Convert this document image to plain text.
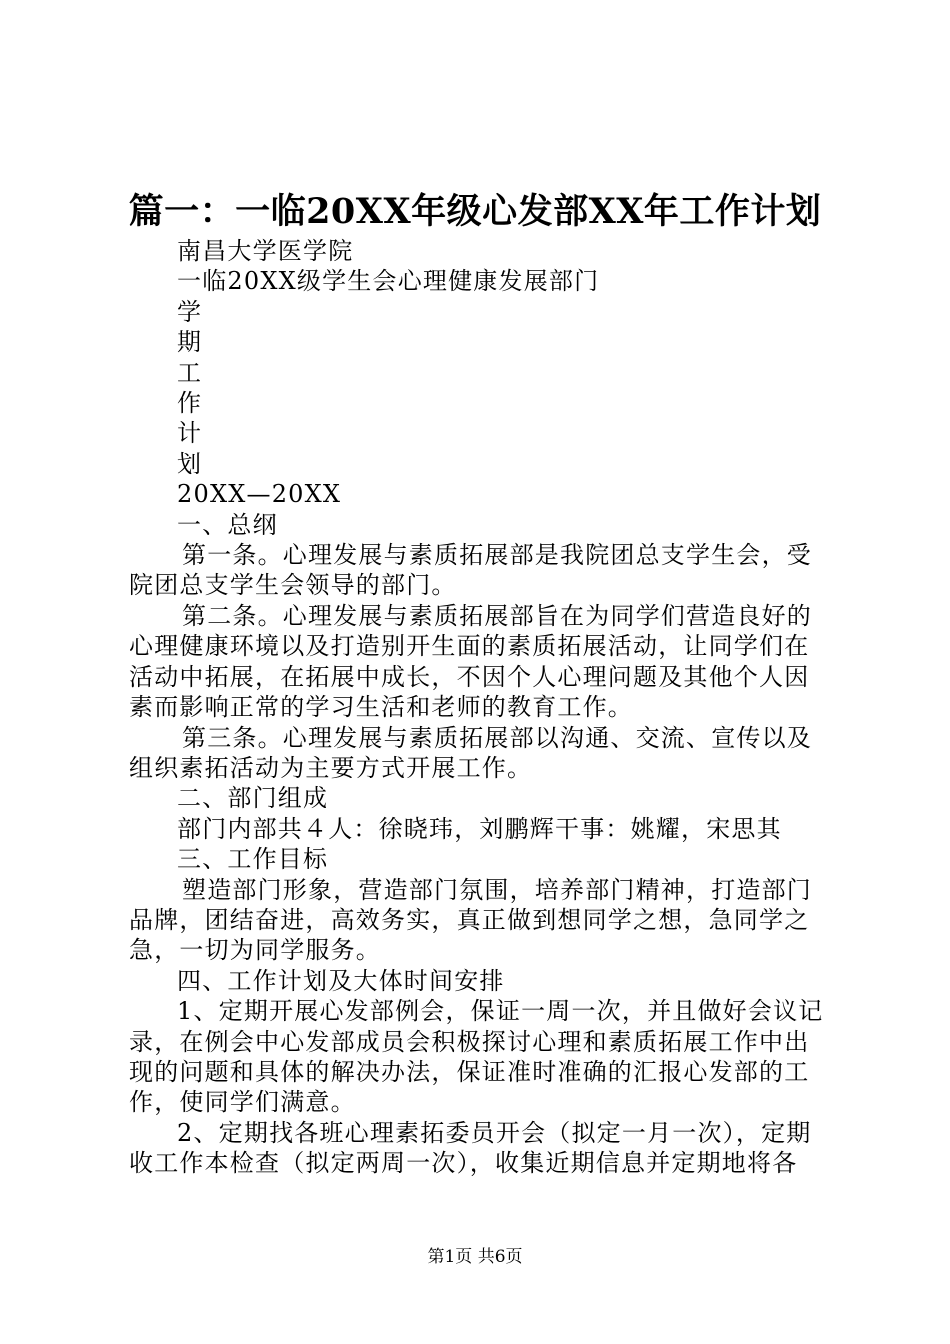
篇一：一临20XX年级心发部XX年工作计划
南昌大学医学院
一临20XX级学生会心理健康发展部门
学
期
工
作
计
划
20XX—20XX
一、总纲
第一条。心理发展与素质拓展部是我院团总支学生会，受
院团总支学生会领导的部门。
第二条。心理发展与素质拓展部旨在为同学们营造良好的
心理健康环境以及打造别开生面的素质拓展活动，让同学们在
活动中拓展，在拓展中成长，不因个人心理问题及其他个人因
素而影响正常的学习生活和老师的教育工作。
第三条。心理发展与素质拓展部以沟通、交流、宣传以及
组织素拓活动为主要方式开展工作。
二、部门组成
部门内部共４人：徐晓玮，刘鹏辉干事：姚耀，宋思其
三、工作目标
塑造部门形象，营造部门氛围，培养部门精神，打造部门
品牌，团结奋进，高效务实，真正做到想同学之想，急同学之
急，一切为同学服务。
四、工作计划及大体时间安排
1、定期开展心发部例会，保证一周一次，并且做好会议记
录，在例会中心发部成员会积极探讨心理和素质拓展工作中出
现的问题和具体的解决办法，保证准时准确的汇报心发部的工
作，使同学们满意。
2、定期找各班心理素拓委员开会（拟定一月一次），定期
收工作本检查（拟定两周一次），收集近期信息并定期地将各
第1页 共6页
